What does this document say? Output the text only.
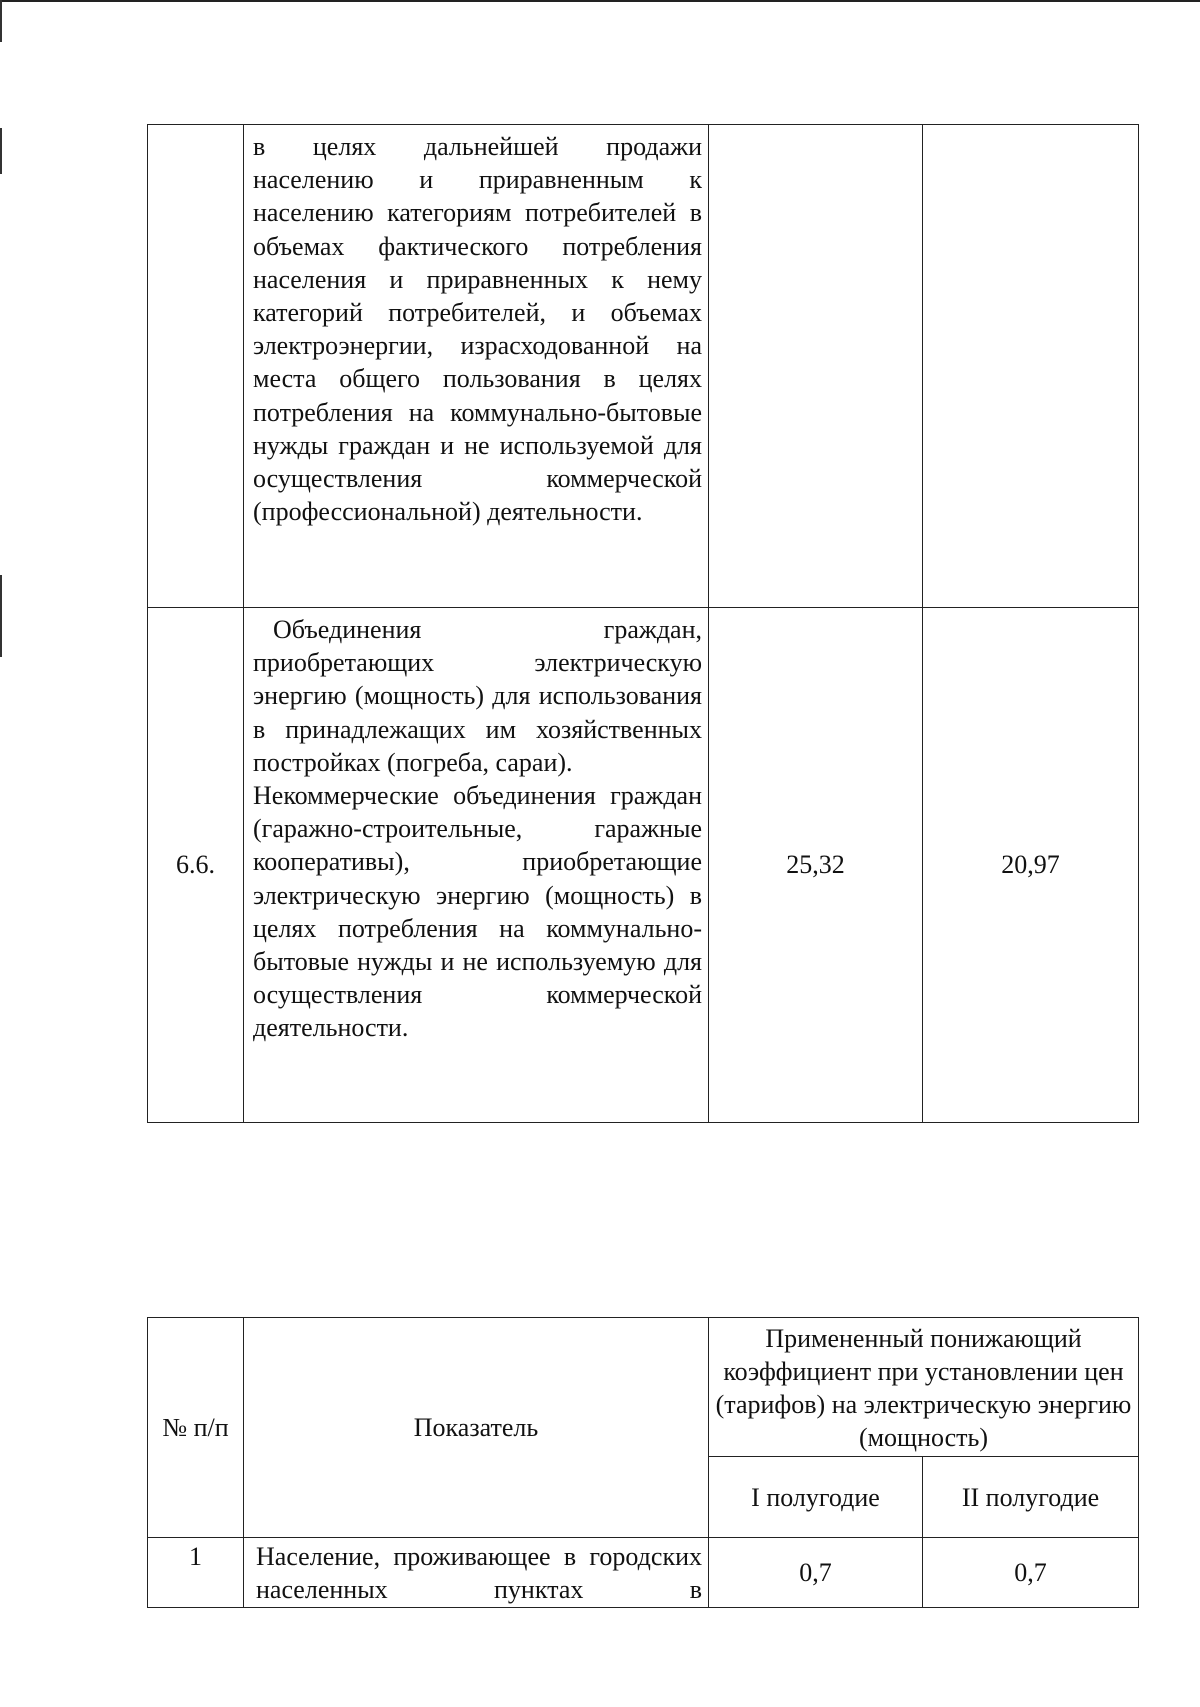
	в целях дальнейшей продажи населению и приравненным к населению категориям потребителей в объемах фактического потребления населения и приравненных к нему категорий потребителей, и объемах электроэнергии, израсходованной на места общего пользования в целях потребления на коммунально-бытовые нужды граждан и не используемой для осуществления коммерческой (профессиональной) деятельности.		

6.6.	Объединения граждан, приобретающих электрическую энергию (мощность) для использования в принадлежащих им хозяйственных постройках (погреба, сараи).

Некоммерческие объединения граждан (гаражно-строительные, гаражные кооперативы), приобретающие электрическую энергию (мощность) в целях потребления на коммунально-бытовые нужды и не используемую для осуществления коммерческой деятельности.	25,32	20,97
№ п/п	Показатель	Примененный понижающий коэффициент при установлении цен (тарифов) на электрическую энергию (мощность)	
		I полугодие	II полугодие
1	Население, проживающее в городских населенных пунктах в	0,7	0,7
